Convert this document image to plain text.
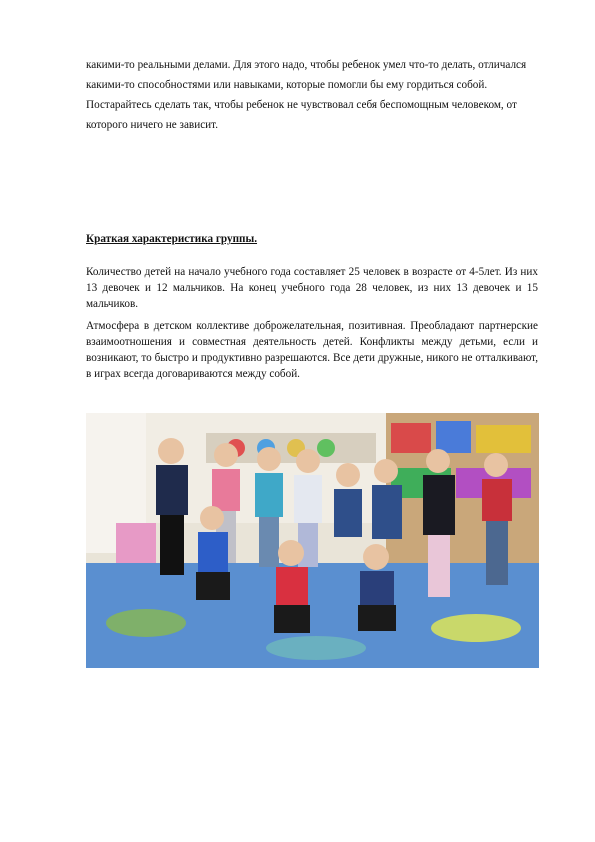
какими-то реальными делами. Для этого надо, чтобы ребенок умел что-то делать, отличался какими-то способностями или навыками, которые помогли бы ему гордиться собой. Постарайтесь сделать так, чтобы ребенок не чувствовал себя беспомощным человеком, от которого ничего не зависит.

Краткая характеристика группы.

Количество детей на начало учебного года составляет 25 человек в возрасте от 4-5лет. Из них 13 девочек и 12 мальчиков. На конец учебного года 28 человек, из них 13 девочек и 15 мальчиков.

Атмосфера в детском коллективе доброжелательная, позитивная. Преобладают партнерские взаимоотношения и совместная деятельность детей. Конфликты между детьми, если и возникают, то быстро и продуктивно разрешаются. Все дети дружные, никого не отталкивают, в играх всегда договариваются между собой.
